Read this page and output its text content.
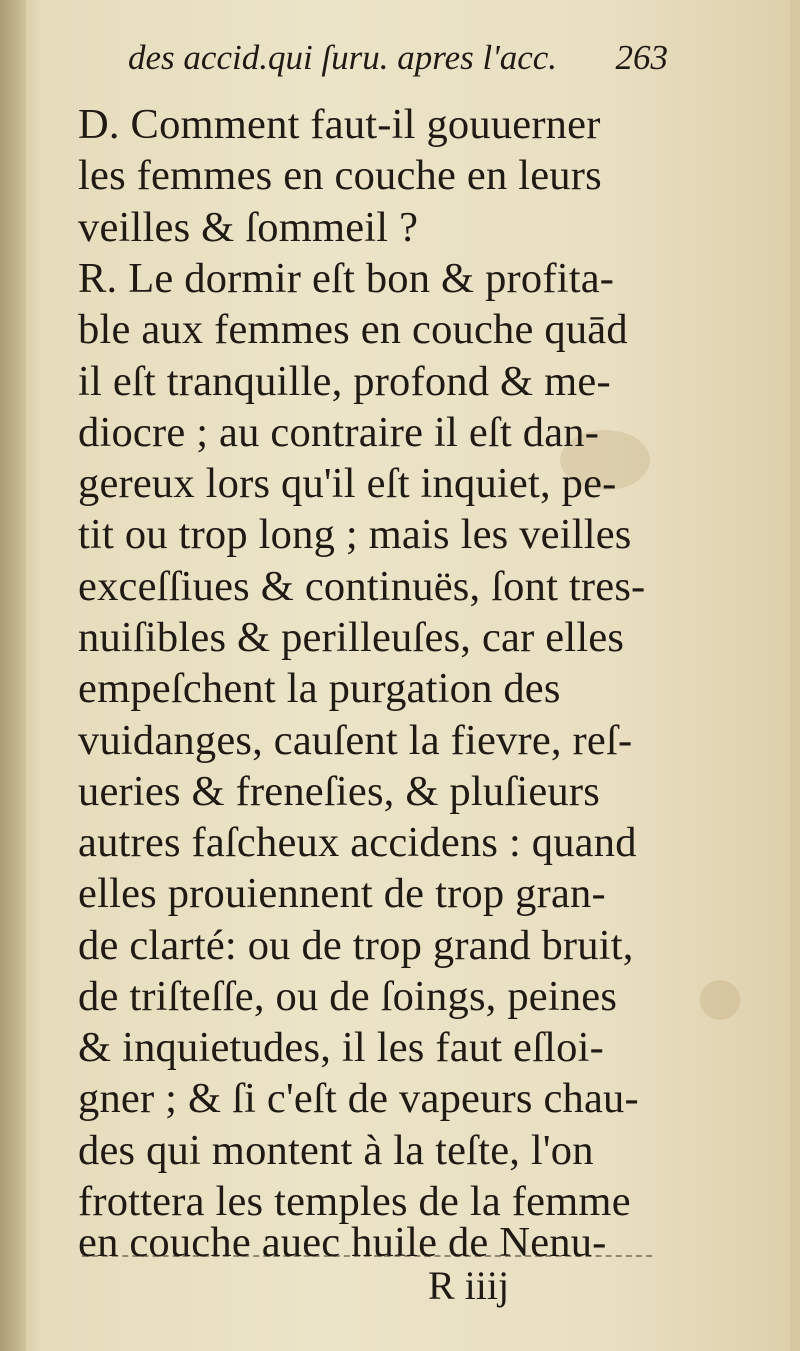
des accid.qui ſuru. apres l'acc. 263
D. Comment faut-il gouuerner
les femmes en couche en leurs
veilles & ſommeil ?
R. Le dormir eſt bon & profita-
ble aux femmes en couche quād
il eſt tranquille, profond & me-
diocre ; au contraire il eſt dan-
gereux lors qu'il eſt inquiet, pe-
tit ou trop long ; mais les veilles
exceſſiues & continuës, ſont tres-
nuiſibles & perilleuſes, car elles
empeſchent la purgation des
vuidanges, cauſent la fievre, reſ-
ueries & freneſies, & pluſieurs
autres faſcheux accidens : quand
elles prouiennent de trop gran-
de clarté: ou de trop grand bruit,
de triſteſſe, ou de ſoings, peines
& inquietudes, il les faut eſloi-
gner ; & ſi c'eſt de vapeurs chau-
des qui montent à la teſte, l'on
frottera les temples de la femme
en couche auec huile de Nenu-
R iiij
